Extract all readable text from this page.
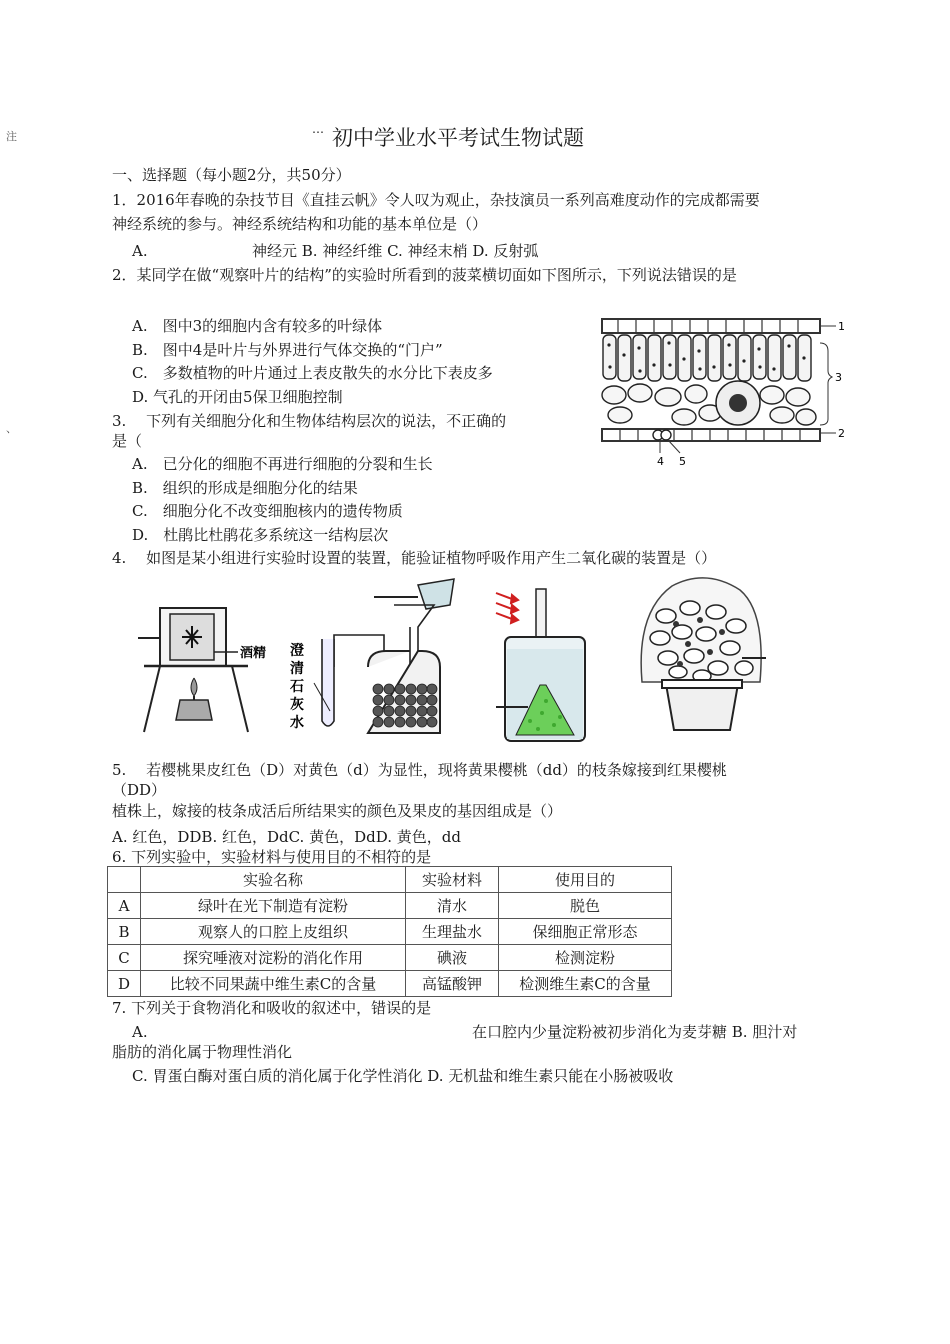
注
、
… 初中学业水平考试生物试题
一、选择题（每小题2分，共50分）
1．2016年春晚的杂技节目《直挂云帆》令人叹为观止，杂技演员一系列高难度动作的完成都需要
神经系统的参与。神经系统结构和功能的基本单位是（）
A.	神经元 B. 神经纤维 C. 神经末梢 D. 反射弧
2．某同学在做“观察叶片的结构”的实验时所看到的菠菜横切面如下图所示，下列说法错误的是
A.　图中3的细胞内含有较多的叶绿体
B.　图中4是叶片与外界进行气体交换的“门户”
C.　多数植物的叶片通过上表皮散失的水分比下表皮多
D. 气孔的开闭由5保卫细胞控制
1
3
2
4 5
3.　 下列有关细胞分化和生物体结构层次的说法，不正确的
是（
A.　已分化的细胞不再进行细胞的分裂和生长
B.　组织的形成是细胞分化的结果
C.　细胞分化不改变细胞核内的遗传物质
D.　杜鹃比杜鹃花多系统这一结构层次
4.　 如图是某小组进行实验时设置的装置，能验证植物呼吸作用产生二氧化碳的装置是（）
酒精 澄
清
石
灰
水
5.　 若樱桃果皮红色（D）对黄色（d）为显性，现将黄果樱桃（dd）的枝条嫁接到红果樱桃
（DD）
植株上，嫁接的枝条成活后所结果实的颜色及果皮的基因组成是（）
A. 红色，DDB. 红色，DdC. 黄色，DdD. 黄色，dd
6. 下列实验中，实验材料与使用目的不相符的是
	实验名称	实验材料	使用目的
A	绿叶在光下制造有淀粉	清水	脱色
B	观察人的口腔上皮组织	生理盐水	保细胞正常形态
C	探究唾液对淀粉的消化作用	碘液	检测淀粉
D	比较不同果蔬中维生素C的含量	高锰酸钾	检测维生素C的含量
7. 下列关于食物消化和吸收的叙述中，错误的是
A.	在口腔内少量淀粉被初步消化为麦芽糖 B. 胆汁对
脂肪的消化属于物理性消化
C. 胃蛋白酶对蛋白质的消化属于化学性消化 D. 无机盐和维生素只能在小肠被吸收
